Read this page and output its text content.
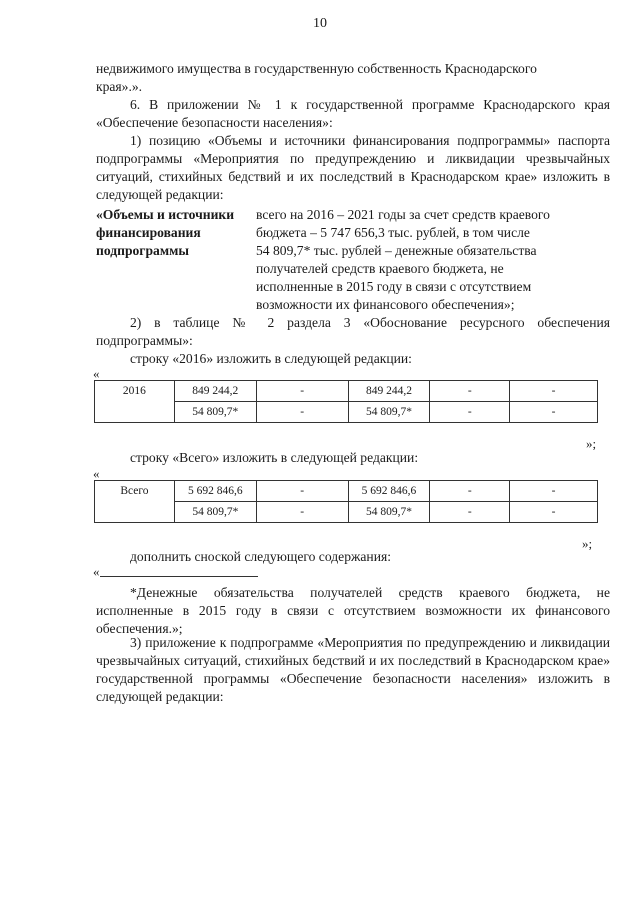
10

недвижимого имущества в государственную собственность Краснодарского

края».».

6. В приложении № 1 к государственной программе Краснодарского края «Обеспечение безопасности населения»:

1) позицию «Объемы и источники финансирования подпрограммы» паспорта подпрограммы «Мероприятия по предупреждению и ликвидации чрезвычайных ситуаций, стихийных бедствий и их последствий в Краснодарском крае» изложить в следующей редакции:

«Объемы и источники
финансирования
подпрограммы
всего на 2016 – 2021 годы за счет средств краевого
бюджета – 5 747 656,3 тыс. рублей, в том числе
54 809,7* тыс. рублей – денежные обязательства
получателей средств краевого бюджета, не
исполненные в 2015 году в связи с отсутствием
возможности их финансового обеспечения»;

2) в таблице № 2 раздела 3 «Обоснование ресурсного обеспечения подпрограммы»:

строку «2016» изложить в следующей редакции:

«
2016	849 244,2	-	849 244,2	-	-
	54 809,7*	-	54 809,7*	-	-
»;

строку «Всего» изложить в следующей редакции:

«
Всего	5 692 846,6	-	5 692 846,6	-	-
	54 809,7*	-	54 809,7*	-	-
»;

дополнить сноской следующего содержания:

«

*Денежные обязательства получателей средств краевого бюджета, не исполненные в 2015 году в связи с отсутствием возможности их финансового обеспечения.»;

3) приложение к подпрограмме «Мероприятия по предупреждению и ликвидации чрезвычайных ситуаций, стихийных бедствий и их последствий в Краснодарском крае» государственной программы «Обеспечение безопасности населения» изложить в следующей редакции:
